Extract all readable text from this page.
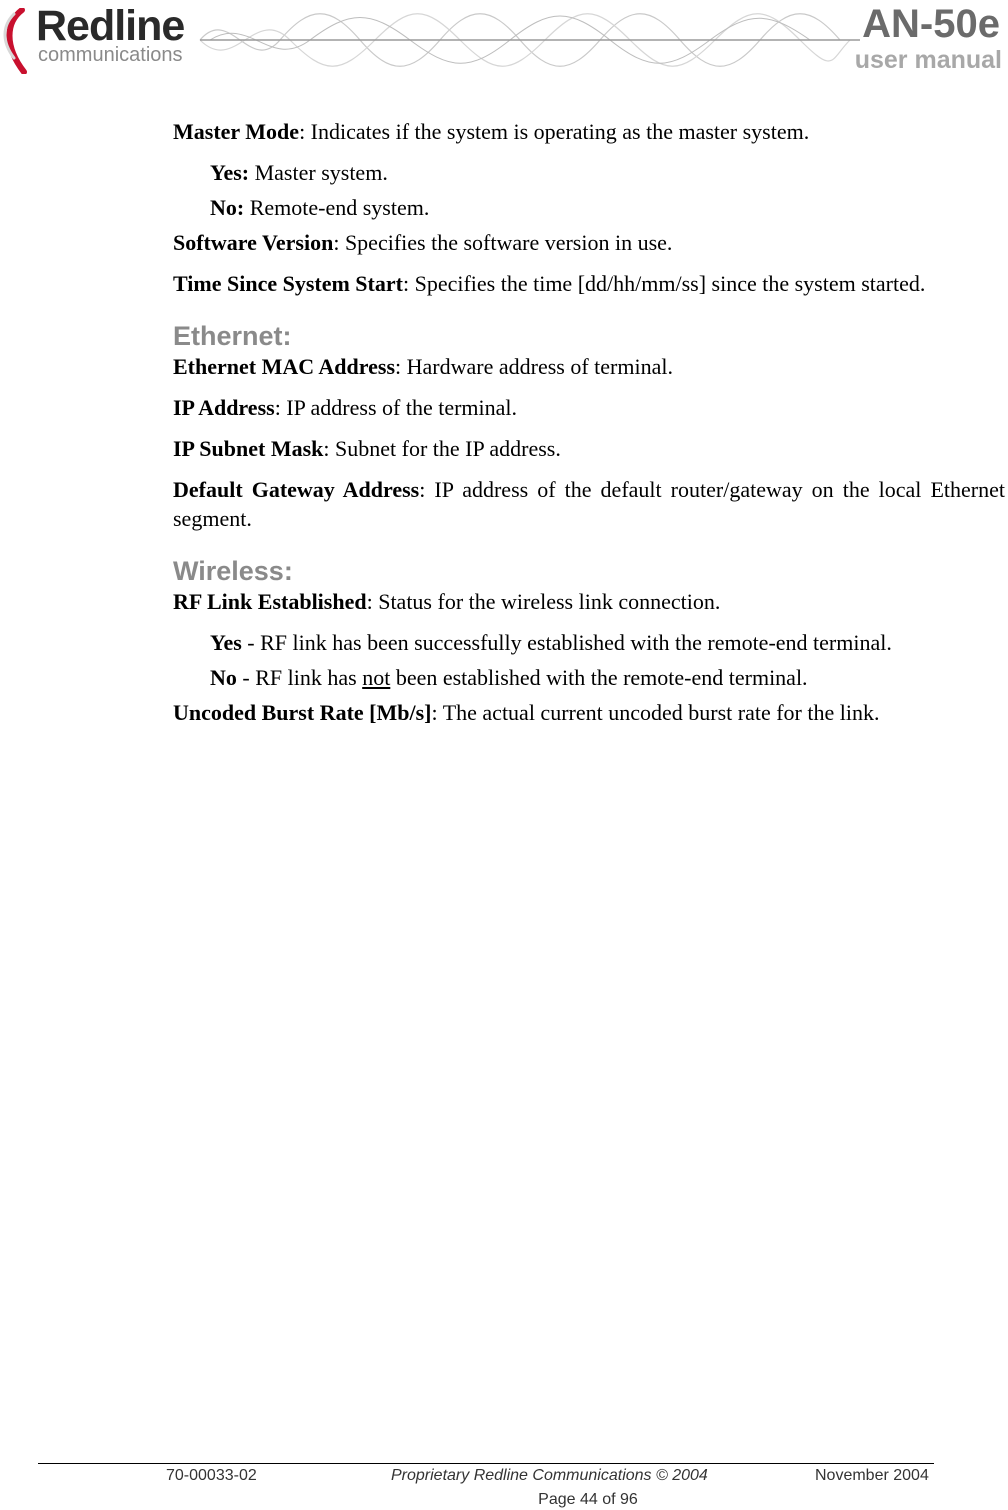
Redline
communications
AN-50e
user manual

Master Mode: Indicates if the system is operating as the master system.

Yes: Master system.

No: Remote-end system.

Software Version: Specifies the software version in use.

Time Since System Start: Specifies the time [dd/hh/mm/ss] since the system started.

Ethernet:

Ethernet MAC Address: Hardware address of terminal.

IP Address: IP address of the terminal.

IP Subnet Mask: Subnet for the IP address.

Default Gateway Address: IP address of the default router/gateway on the local Ethernet segment.

Wireless:

RF Link Established: Status for the wireless link connection.

Yes - RF link has been successfully established with the remote-end terminal.

No - RF link has not been established with the remote-end terminal.

Uncoded Burst Rate [Mb/s]: The actual current uncoded burst rate for the link.

70-00033-02	Proprietary Redline Communications © 2004	November 2004
Page 44 of 96
